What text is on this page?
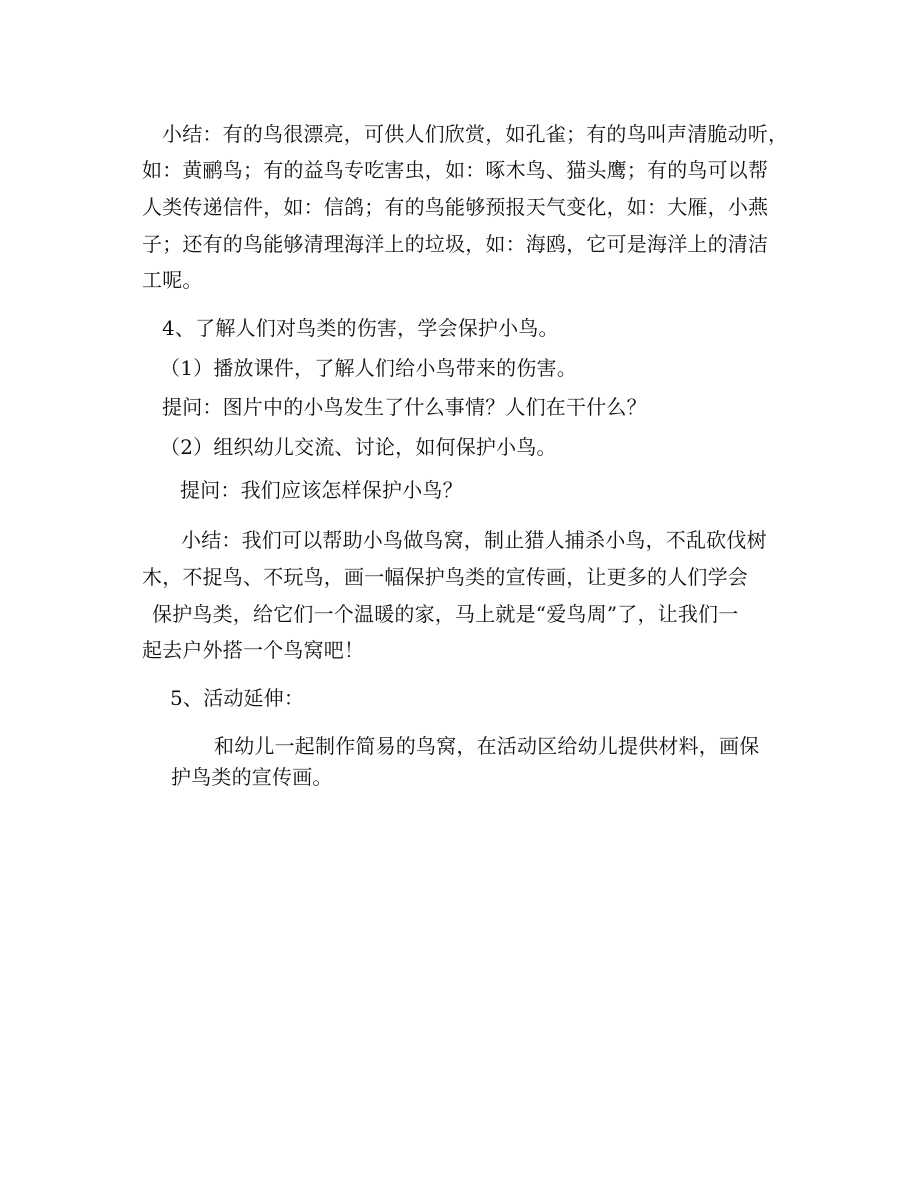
小结：有的鸟很漂亮，可供人们欣赏，如孔雀；有的鸟叫声清脆动听，
如：黄鹂鸟；有的益鸟专吃害虫，如：啄木鸟、猫头鹰；有的鸟可以帮
人类传递信件，如：信鸽；有的鸟能够预报天气变化，如：大雁，小燕
子；还有的鸟能够清理海洋上的垃圾，如：海鸥，它可是海洋上的清洁
工呢。
4、了解人们对鸟类的伤害，学会保护小鸟。
（1）播放课件，了解人们给小鸟带来的伤害。
提问：图片中的小鸟发生了什么事情？人们在干什么？
（2）组织幼儿交流、讨论，如何保护小鸟。
提问：我们应该怎样保护小鸟？
小结：我们可以帮助小鸟做鸟窝，制止猎人捕杀小鸟，不乱砍伐树
木，不捉鸟、不玩鸟，画一幅保护鸟类的宣传画，让更多的人们学会
保护鸟类，给它们一个温暖的家，马上就是“爱鸟周”了，让我们一
起去户外搭一个鸟窝吧！
5、活动延伸：
和幼儿一起制作简易的鸟窝，在活动区给幼儿提供材料，画保
护鸟类的宣传画。
